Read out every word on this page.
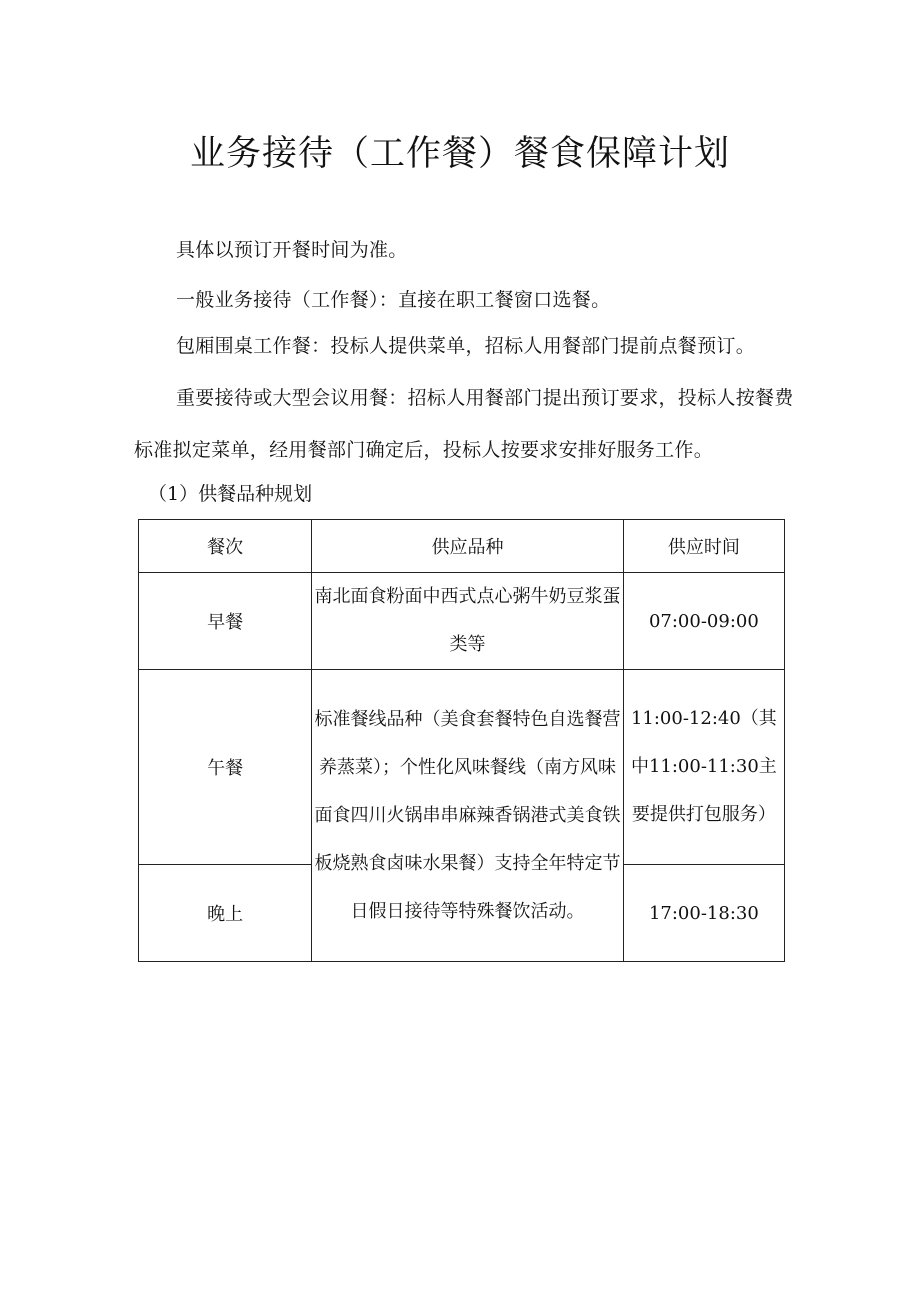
业务接待（工作餐）餐食保障计划

具体以预订开餐时间为准。

一般业务接待（工作餐）：直接在职工餐窗口选餐。

包厢围桌工作餐：投标人提供菜单，招标人用餐部门提前点餐预订。

重要接待或大型会议用餐：招标人用餐部门提出预订要求，投标人按餐费标准拟定菜单，经用餐部门确定后，投标人按要求安排好服务工作。

（1）供餐品种规划
餐次	供应品种	供应时间
早餐	南北面食粉面中西式点心粥牛奶豆浆蛋类等	07:00-09:00
午餐	标准餐线品种（美食套餐特色自选餐营养蒸菜）；个性化风味餐线（南方风味面食四川火锅串串麻辣香锅港式美食铁板烧熟食卤味水果餐）支持全年特定节日假日接待等特殊餐饮活动。	11:00-12:40（其中11:00-11:30主要提供打包服务）

晚上		17:00-18:30
